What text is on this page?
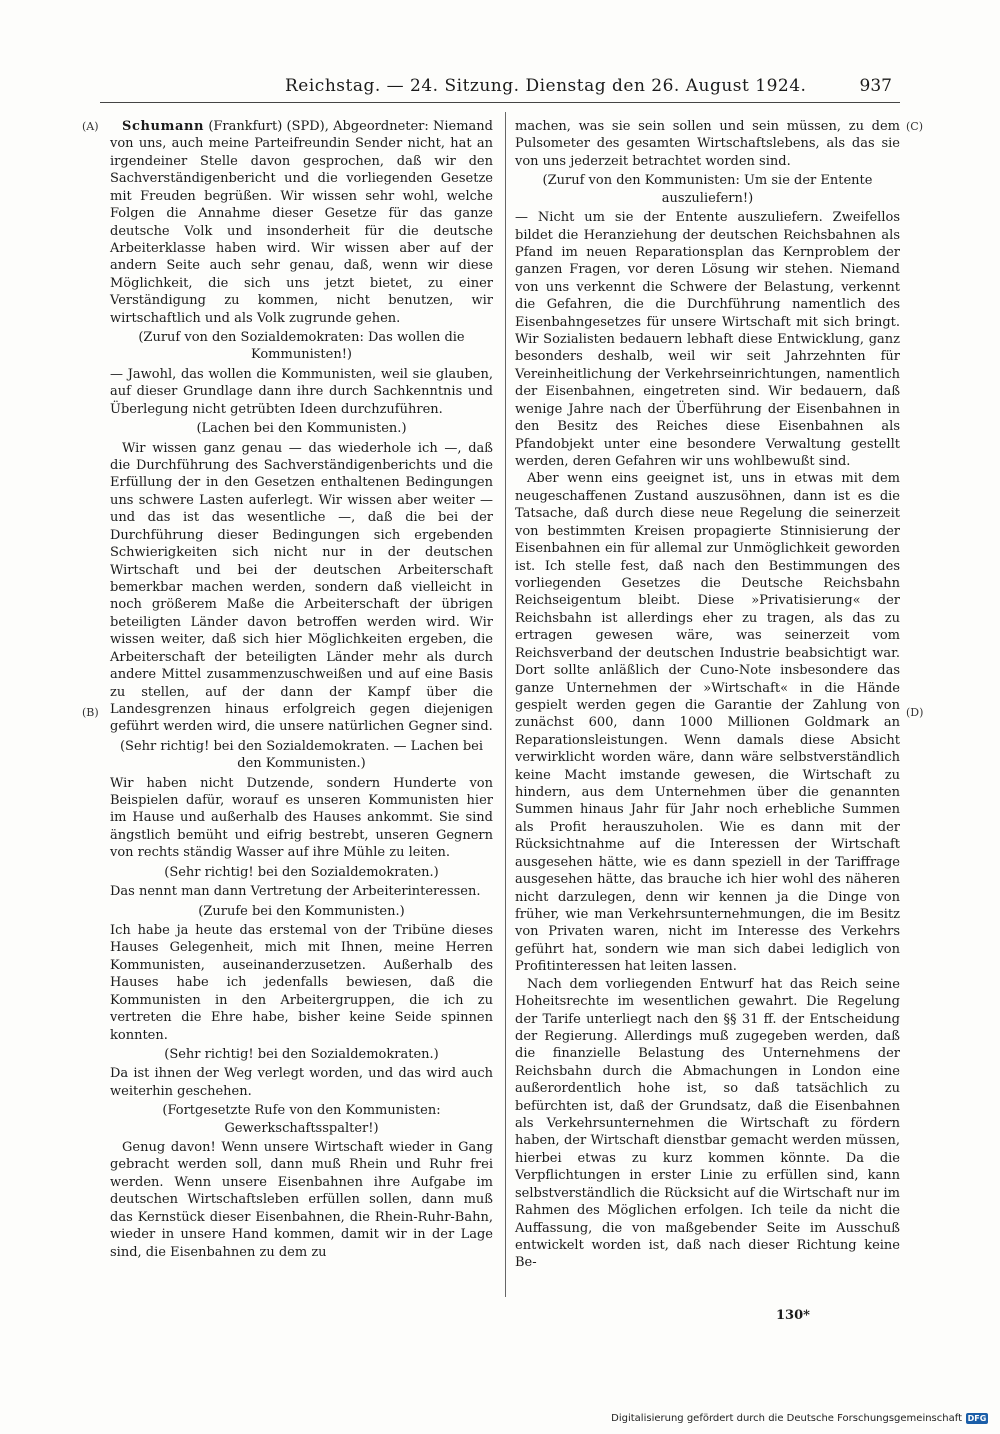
Reichstag. — 24. Sitzung. Dienstag den 26. August 1924.	937
(A)
(B)
(C)
(D)

Schumann (Frankfurt) (SPD), Abgeordneter: Niemand von uns, auch meine Parteifreundin Sender nicht, hat an irgendeiner Stelle davon gesprochen, daß wir den Sachverständigenbericht und die vorliegenden Gesetze mit Freuden begrüßen. Wir wissen sehr wohl, welche Folgen die Annahme dieser Gesetze für das ganze deutsche Volk und insonderheit für die deutsche Arbeiterklasse haben wird. Wir wissen aber auf der andern Seite auch sehr genau, daß, wenn wir diese Möglichkeit, die sich uns jetzt bietet, zu einer Verständigung zu kommen, nicht benutzen, wir wirtschaftlich und als Volk zugrunde gehen.

(Zuruf von den Sozialdemokraten: Das wollen die Kommunisten!)

— Jawohl, das wollen die Kommunisten, weil sie glauben, auf dieser Grundlage dann ihre durch Sachkenntnis und Überlegung nicht getrübten Ideen durchzuführen.

(Lachen bei den Kommunisten.)

Wir wissen ganz genau — das wiederhole ich —, daß die Durchführung des Sachverständigenberichts und die Erfüllung der in den Gesetzen enthaltenen Bedingungen uns schwere Lasten auferlegt. Wir wissen aber weiter — und das ist das wesentliche —, daß die bei der Durchführung dieser Bedingungen sich ergebenden Schwierigkeiten sich nicht nur in der deutschen Wirtschaft und bei der deutschen Arbeiterschaft bemerkbar machen werden, sondern daß vielleicht in noch größerem Maße die Arbeiterschaft der übrigen beteiligten Länder davon betroffen werden wird. Wir wissen weiter, daß sich hier Möglichkeiten ergeben, die Arbeiterschaft der beteiligten Länder mehr als durch andere Mittel zusammenzuschweißen und auf eine Basis zu stellen, auf der dann der Kampf über die Landesgrenzen hinaus erfolgreich gegen diejenigen geführt werden wird, die unsere natürlichen Gegner sind.

(Sehr richtig! bei den Sozialdemokraten. — Lachen bei den Kommunisten.)

Wir haben nicht Dutzende, sondern Hunderte von Beispielen dafür, worauf es unseren Kommunisten hier im Hause und außerhalb des Hauses ankommt. Sie sind ängstlich bemüht und eifrig bestrebt, unseren Gegnern von rechts ständig Wasser auf ihre Mühle zu leiten.

(Sehr richtig! bei den Sozialdemokraten.)

Das nennt man dann Vertretung der Arbeiterinteressen.

(Zurufe bei den Kommunisten.)

Ich habe ja heute das erstemal von der Tribüne dieses Hauses Gelegenheit, mich mit Ihnen, meine Herren Kommunisten, auseinanderzusetzen. Außerhalb des Hauses habe ich jedenfalls bewiesen, daß die Kommunisten in den Arbeitergruppen, die ich zu vertreten die Ehre habe, bisher keine Seide spinnen konnten.

(Sehr richtig! bei den Sozialdemokraten.)

Da ist ihnen der Weg verlegt worden, und das wird auch weiterhin geschehen.

(Fortgesetzte Rufe von den Kommunisten: Gewerkschaftsspalter!)

Genug davon! Wenn unsere Wirtschaft wieder in Gang gebracht werden soll, dann muß Rhein und Ruhr frei werden. Wenn unsere Eisenbahnen ihre Aufgabe im deutschen Wirtschaftsleben erfüllen sollen, dann muß das Kernstück dieser Eisenbahnen, die Rhein-Ruhr-Bahn, wieder in unsere Hand kommen, damit wir in der Lage sind, die Eisenbahnen zu dem zu

machen, was sie sein sollen und sein müssen, zu dem Pulsometer des gesamten Wirtschaftslebens, als das sie von uns jederzeit betrachtet worden sind.

(Zuruf von den Kommunisten: Um sie der Entente auszuliefern!)

— Nicht um sie der Entente auszuliefern. Zweifellos bildet die Heranziehung der deutschen Reichsbahnen als Pfand im neuen Reparationsplan das Kernproblem der ganzen Fragen, vor deren Lösung wir stehen. Niemand von uns verkennt die Schwere der Belastung, verkennt die Gefahren, die die Durchführung namentlich des Eisenbahngesetzes für unsere Wirtschaft mit sich bringt. Wir Sozialisten bedauern lebhaft diese Entwicklung, ganz besonders deshalb, weil wir seit Jahrzehnten für Vereinheitlichung der Verkehrseinrichtungen, namentlich der Eisenbahnen, eingetreten sind. Wir bedauern, daß wenige Jahre nach der Überführung der Eisenbahnen in den Besitz des Reiches diese Eisenbahnen als Pfandobjekt unter eine besondere Verwaltung gestellt werden, deren Gefahren wir uns wohlbewußt sind.

Aber wenn eins geeignet ist, uns in etwas mit dem neugeschaffenen Zustand auszusöhnen, dann ist es die Tatsache, daß durch diese neue Regelung die seinerzeit von bestimmten Kreisen propagierte Stinnisierung der Eisenbahnen ein für allemal zur Unmöglichkeit geworden ist. Ich stelle fest, daß nach den Bestimmungen des vorliegenden Gesetzes die Deutsche Reichsbahn Reichseigentum bleibt. Diese »Privatisierung« der Reichsbahn ist allerdings eher zu tragen, als das zu ertragen gewesen wäre, was seinerzeit vom Reichsverband der deutschen Industrie beabsichtigt war. Dort sollte anläßlich der Cuno-Note insbesondere das ganze Unternehmen der »Wirtschaft« in die Hände gespielt werden gegen die Garantie der Zahlung von zunächst 600, dann 1000 Millionen Goldmark an Reparationsleistungen. Wenn damals diese Absicht verwirklicht worden wäre, dann wäre selbstverständlich keine Macht imstande gewesen, die Wirtschaft zu hindern, aus dem Unternehmen über die genannten Summen hinaus Jahr für Jahr noch erhebliche Summen als Profit herauszuholen. Wie es dann mit der Rücksichtnahme auf die Interessen der Wirtschaft ausgesehen hätte, wie es dann speziell in der Tariffrage ausgesehen hätte, das brauche ich hier wohl des näheren nicht darzulegen, denn wir kennen ja die Dinge von früher, wie man Verkehrsunternehmungen, die im Besitz von Privaten waren, nicht im Interesse des Verkehrs geführt hat, sondern wie man sich dabei lediglich von Profitinteressen hat leiten lassen.

Nach dem vorliegenden Entwurf hat das Reich seine Hoheitsrechte im wesentlichen gewahrt. Die Regelung der Tarife unterliegt nach den §§ 31 ff. der Entscheidung der Regierung. Allerdings muß zugegeben werden, daß die finanzielle Belastung des Unternehmens der Reichsbahn durch die Abmachungen in London eine außerordentlich hohe ist, so daß tatsächlich zu befürchten ist, daß der Grundsatz, daß die Eisenbahnen als Verkehrsunternehmen die Wirtschaft zu fördern haben, der Wirtschaft dienstbar gemacht werden müssen, hierbei etwas zu kurz kommen könnte. Da die Verpflichtungen in erster Linie zu erfüllen sind, kann selbstverständlich die Rücksicht auf die Wirtschaft nur im Rahmen des Möglichen erfolgen. Ich teile da nicht die Auffassung, die von maßgebender Seite im Ausschuß entwickelt worden ist, daß nach dieser Richtung keine Be-

130*
Digitalisierung gefördert durch die Deutsche Forschungsgemeinschaft DFG
